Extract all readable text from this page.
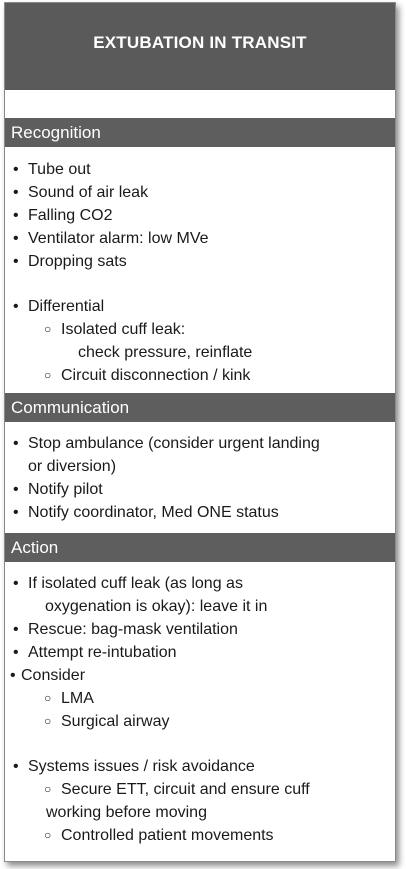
EXTUBATION IN TRANSIT
Recognition
• Tube out
• Sound of air leak
• Falling CO2
• Ventilator alarm: low MVe
• Dropping sats
• Differential
○ Isolated cuff leak:
check pressure, reinflate
○ Circuit disconnection / kink
Communication
• Stop ambulance (consider urgent landing
or diversion)
• Notify pilot
• Notify coordinator, Med ONE status
Action
• If isolated cuff leak (as long as
oxygenation is okay): leave it in
• Rescue: bag-mask ventilation
• Attempt re-intubation
• Consider
○ LMA
○ Surgical airway
• Systems issues / risk avoidance
○ Secure ETT, circuit and ensure cuff
working before moving
○ Controlled patient movements
